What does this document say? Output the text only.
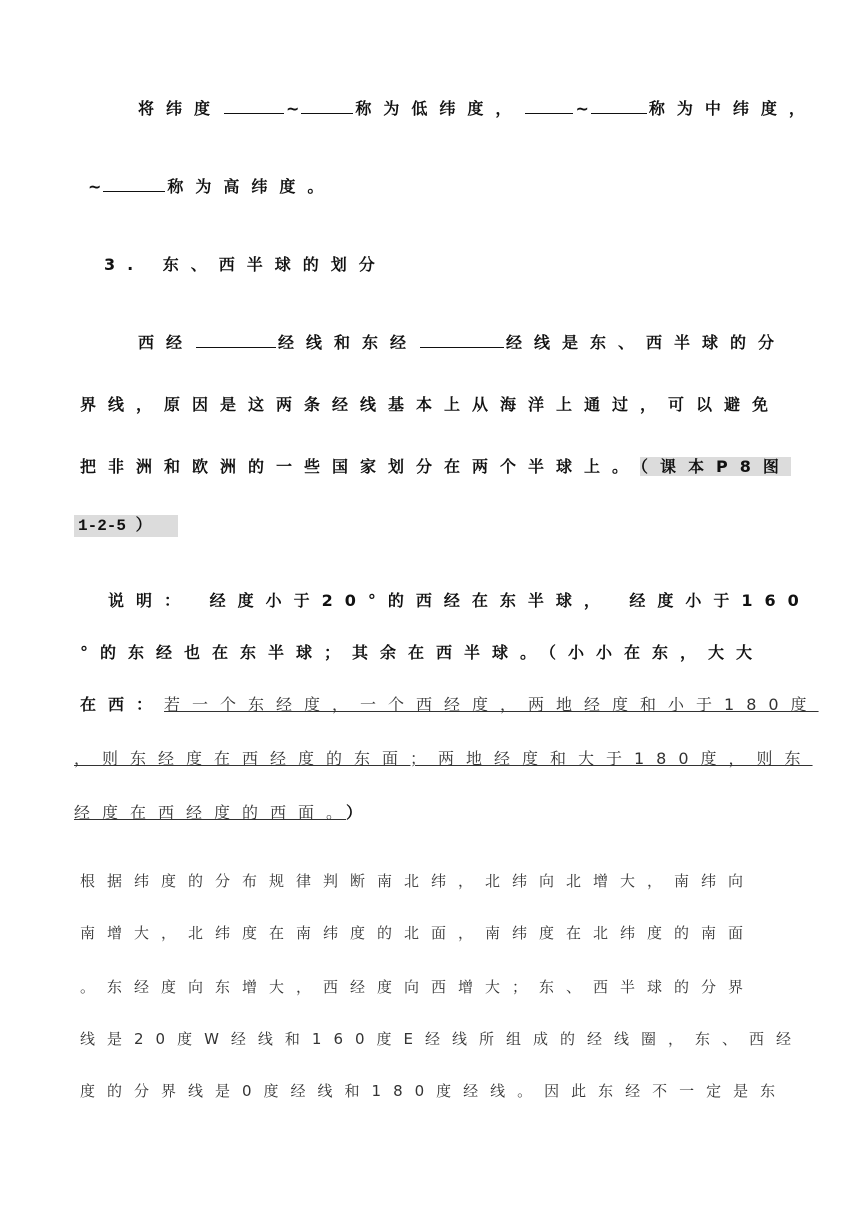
将纬度	~	称为低纬度，	~	称为中纬度，
~	称为高纬度。
3. 东、西半球的划分
西经	经线和东经	经线是东、西半球的分
界线，原因是这两条经线基本上从海洋上通过，可以避免
把非洲和欧洲的一些国家划分在两个半球上。（课本P8图
1-2-5 ）
说明： 经度小于20°的西经在东半球， 经度小于160
°的东经也在东半球；其余在西半球。（小小在东，大大
在西：若一个东经度，一个西经度，两地经度和小于180度
，则东经度在西经度的东面；两地经度和大于180度，则东
经度在西经度的西面。）
根据纬度的分布规律判断南北纬，北纬向北增大，南纬向
南增大，北纬度在南纬度的北面，南纬度在北纬度的南面
。东经度向东增大，西经度向西增大；东、西半球的分界
线是20度W经线和160度E经线所组成的经线圈，东、西经
度的分界线是0度经线和180度经线。因此东经不一定是东
